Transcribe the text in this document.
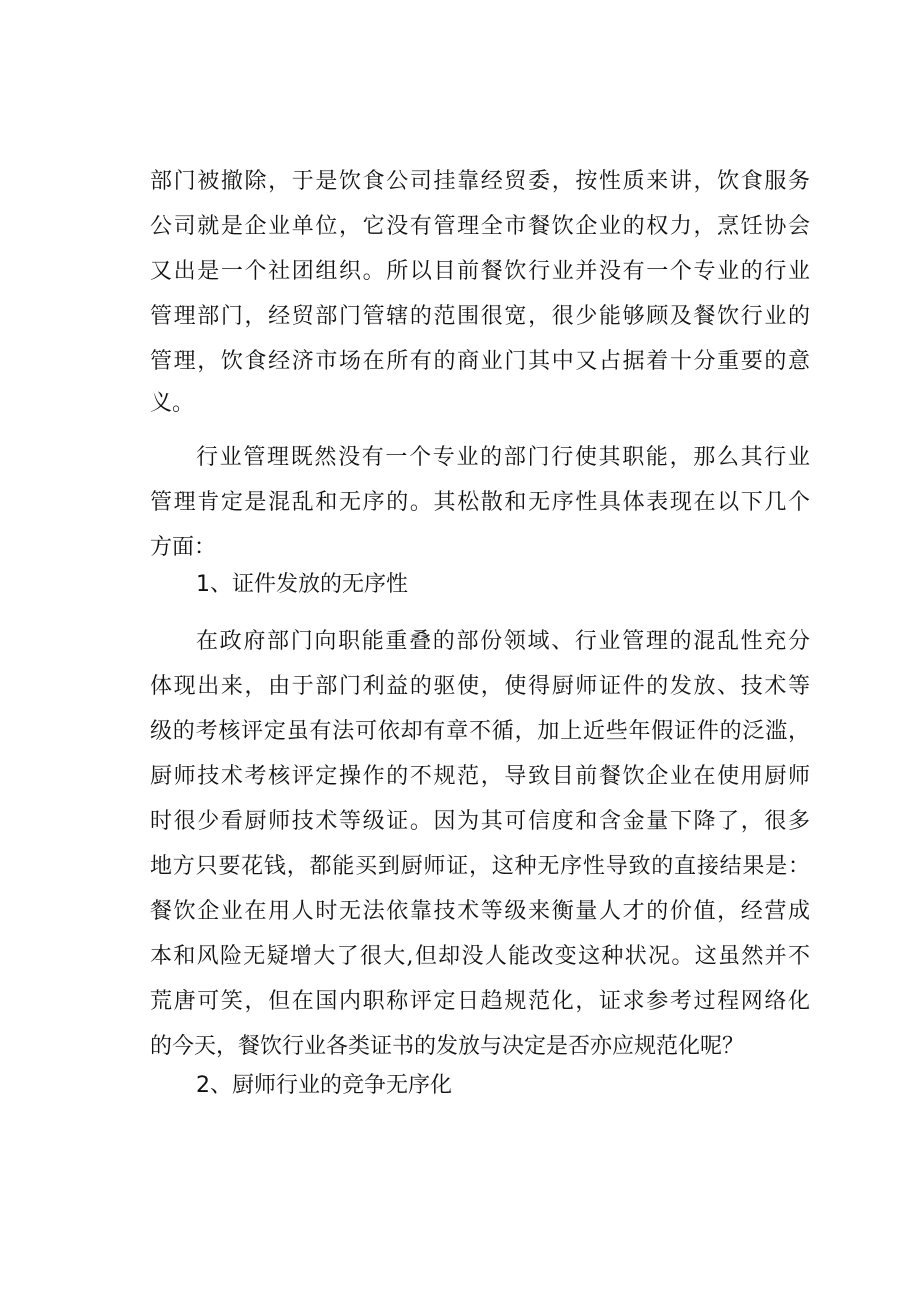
部门被撤除，于是饮食公司挂靠经贸委，按性质来讲，饮食服务
公司就是企业单位，它没有管理全市餐饮企业的权力，烹饪协会
又出是一个社团组织。所以目前餐饮行业并没有一个专业的行业
管理部门，经贸部门管辖的范围很宽，很少能够顾及餐饮行业的
管理，饮食经济市场在所有的商业门其中又占据着十分重要的意
义。
行业管理既然没有一个专业的部门行使其职能，那么其行业
管理肯定是混乱和无序的。其松散和无序性具体表现在以下几个
方面：
1、证件发放的无序性
在政府部门向职能重叠的部份领域、行业管理的混乱性充分
体现出来，由于部门利益的驱使，使得厨师证件的发放、技术等
级的考核评定虽有法可依却有章不循，加上近些年假证件的泛滥，
厨师技术考核评定操作的不规范，导致目前餐饮企业在使用厨师
时很少看厨师技术等级证。因为其可信度和含金量下降了，很多
地方只要花钱，都能买到厨师证，这种无序性导致的直接结果是：
餐饮企业在用人时无法依靠技术等级来衡量人才的价值，经营成
本和风险无疑增大了很大,但却没人能改变这种状况。这虽然并不
荒唐可笑，但在国内职称评定日趋规范化，证求参考过程网络化
的今天，餐饮行业各类证书的发放与决定是否亦应规范化呢？
2、厨师行业的竞争无序化
